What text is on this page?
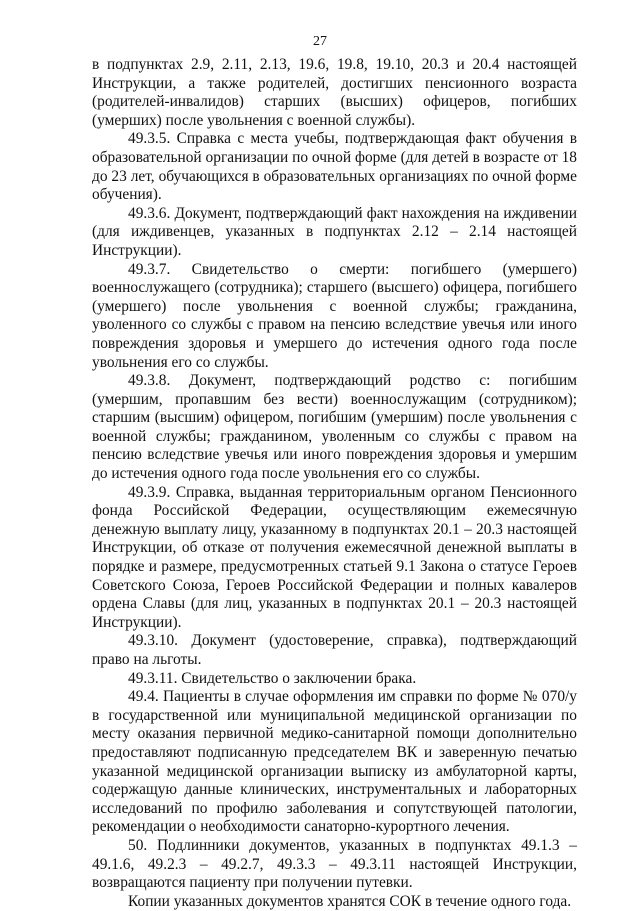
27

в подпунктах 2.9, 2.11, 2.13, 19.6, 19.8, 19.10, 20.3 и 20.4 настоящей Инструкции, а также родителей, достигших пенсионного возраста (родителей-инвалидов) старших (высших) офицеров, погибших (умерших) после увольнения с военной службы).

49.3.5. Справка с места учебы, подтверждающая факт обучения в образовательной организации по очной форме (для детей в возрасте от 18 до 23 лет, обучающихся в образовательных организациях по очной форме обучения).

49.3.6. Документ, подтверждающий факт нахождения на иждивении (для иждивенцев, указанных в подпунктах 2.12 – 2.14 настоящей Инструкции).

49.3.7. Свидетельство о смерти: погибшего (умершего) военнослужащего (сотрудника); старшего (высшего) офицера, погибшего (умершего) после увольнения с военной службы; гражданина, уволенного со службы с правом на пенсию вследствие увечья или иного повреждения здоровья и умершего до истечения одного года после увольнения его со службы.

49.3.8. Документ, подтверждающий родство с: погибшим (умершим, пропавшим без вести) военнослужащим (сотрудником); старшим (высшим) офицером, погибшим (умершим) после увольнения с военной службы; гражданином, уволенным со службы с правом на пенсию вследствие увечья или иного повреждения здоровья и умершим до истечения одного года после увольнения его со службы.

49.3.9. Справка, выданная территориальным органом Пенсионного фонда Российской Федерации, осуществляющим ежемесячную денежную выплату лицу, указанному в подпунктах 20.1 – 20.3 настоящей Инструкции, об отказе от получения ежемесячной денежной выплаты в порядке и размере, предусмотренных статьей 9.1 Закона о статусе Героев Советского Союза, Героев Российской Федерации и полных кавалеров ордена Славы (для лиц, указанных в подпунктах 20.1 – 20.3 настоящей Инструкции).

49.3.10. Документ (удостоверение, справка), подтверждающий право на льготы.

49.3.11. Свидетельство о заключении брака.

49.4. Пациенты в случае оформления им справки по форме № 070/у в государственной или муниципальной медицинской организации по месту оказания первичной медико-санитарной помощи дополнительно предоставляют подписанную председателем ВК и заверенную печатью указанной медицинской организации выписку из амбулаторной карты, содержащую данные клинических, инструментальных и лабораторных исследований по профилю заболевания и сопутствующей патологии, рекомендации о необходимости санаторно-курортного лечения.

50. Подлинники документов, указанных в подпунктах 49.1.3 – 49.1.6, 49.2.3 – 49.2.7, 49.3.3 – 49.3.11 настоящей Инструкции, возвращаются пациенту при получении путевки.

Копии указанных документов хранятся СОК в течение одного года.
